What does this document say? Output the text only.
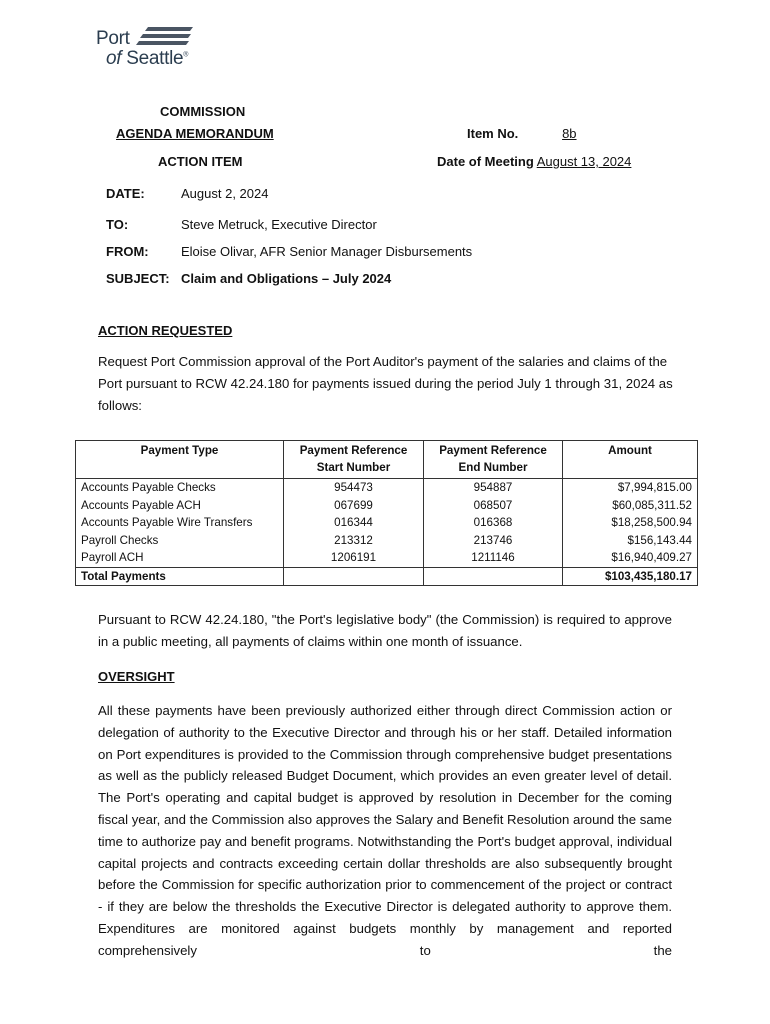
Port
of Seattle®
COMMISSION
AGENDA MEMORANDUM
ACTION ITEM
Item No.	8b
Date of Meeting August 13, 2024
DATE:	August 2, 2024
TO:	Steve Metruck, Executive Director
FROM: Eloise Olivar, AFR Senior Manager Disbursements
SUBJECT: Claim and Obligations – July 2024
ACTION REQUESTED
Request Port Commission approval of the Port Auditor's payment of the salaries and claims of the Port pursuant to RCW 42.24.180 for payments issued during the period July 1 through 31, 2024 as follows:
Payment Type	Payment Reference Start Number	Payment Reference End Number	Amount
Accounts Payable Checks	954473	954887	$7,994,815.00
Accounts Payable ACH	067699	068507	$60,085,311.52
Accounts Payable Wire Transfers	016344	016368	$18,258,500.94
Payroll Checks	213312	213746	$156,143.44
Payroll ACH	1206191	1211146	$16,940,409.27
Total Payments			$103,435,180.17
Pursuant to RCW 42.24.180, "the Port's legislative body" (the Commission) is required to approve in a public meeting, all payments of claims within one month of issuance.
OVERSIGHT
All these payments have been previously authorized either through direct Commission action or delegation of authority to the Executive Director and through his or her staff. Detailed information on Port expenditures is provided to the Commission through comprehensive budget presentations as well as the publicly released Budget Document, which provides an even greater level of detail. The Port's operating and capital budget is approved by resolution in December for the coming fiscal year, and the Commission also approves the Salary and Benefit Resolution around the same time to authorize pay and benefit programs. Notwithstanding the Port's budget approval, individual capital projects and contracts exceeding certain dollar thresholds are also subsequently brought before the Commission for specific authorization prior to commencement of the project or contract - if they are below the thresholds the Executive Director is delegated authority to approve them. Expenditures are monitored against budgets monthly by management and reported comprehensively to the
